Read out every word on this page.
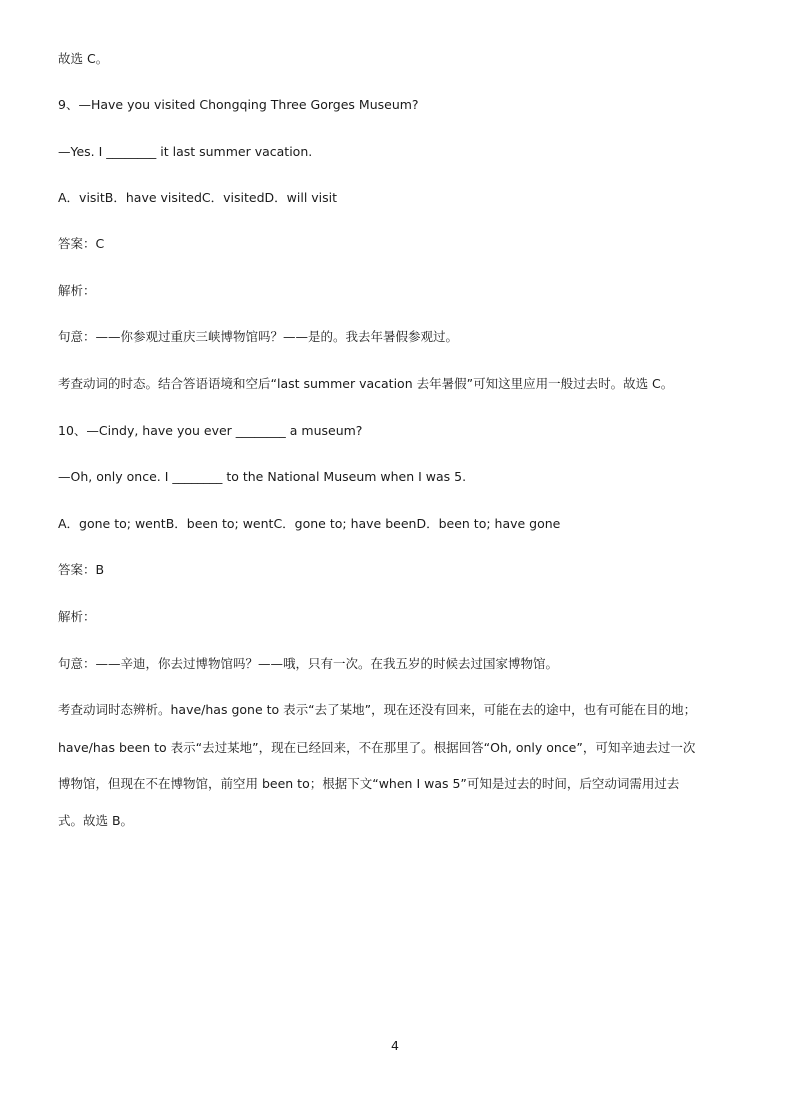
故选 C。
9、—Have you visited Chongqing Three Gorges Museum?
—Yes. I ________ it last summer vacation.
A．visitB．have visitedC．visitedD．will visit
答案：C
解析：
句意：——你参观过重庆三峡博物馆吗？——是的。我去年暑假参观过。
考查动词的时态。结合答语语境和空后“last summer vacation 去年暑假”可知这里应用一般过去时。故选 C。
10、—Cindy, have you ever ________ a museum?
—Oh, only once. I ________ to the National Museum when I was 5.
A．gone to; wentB．been to; wentC．gone to; have beenD．been to; have gone
答案：B
解析：
句意：——辛迪，你去过博物馆吗？——哦，只有一次。在我五岁的时候去过国家博物馆。
考查动词时态辨析。have/has gone to 表示“去了某地”，现在还没有回来，可能在去的途中，也有可能在目的地；
have/has been to 表示“去过某地”，现在已经回来，不在那里了。根据回答“Oh, only once”，可知辛迪去过一次
博物馆，但现在不在博物馆，前空用 been to；根据下文“when I was 5”可知是过去的时间，后空动词需用过去
式。故选 B。
4
